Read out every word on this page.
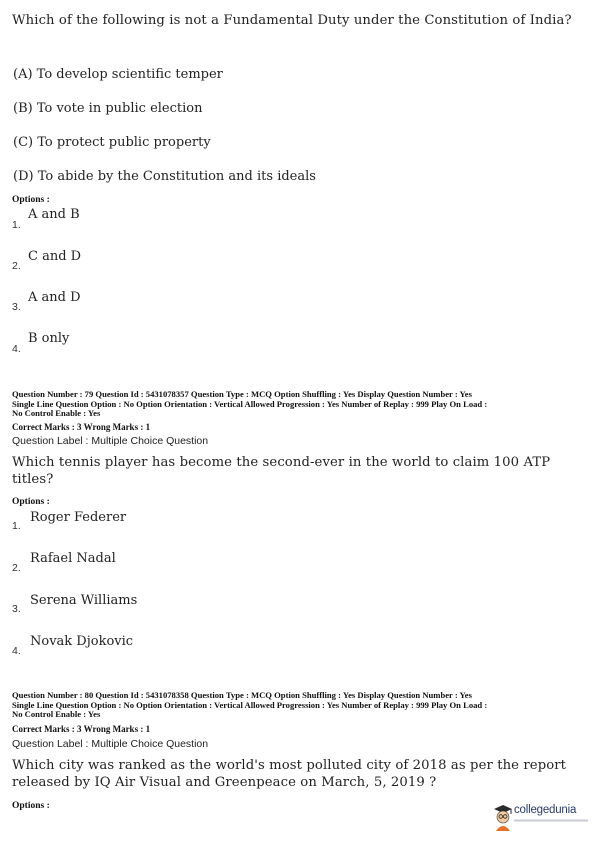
Which of the following is not a Fundamental Duty under the Constitution of India?
(A) To develop scientific temper
(B) To vote in public election
(C) To protect public property
(D) To abide by the Constitution and its ideals
Options :
1.
A and B
2.
C and D
3.
A and D
4.
B only
Question Number : 79 Question Id : 5431078357 Question Type : MCQ Option Shuffling : Yes Display Question Number : Yes
Single Line Question Option : No Option Orientation : Vertical Allowed Progression : Yes Number of Replay : 999 Play On Load :
No Control Enable : Yes
Correct Marks : 3 Wrong Marks : 1
Question Label : Multiple Choice Question
Which tennis player has become the second-ever in the world to claim 100 ATP titles?
Options :
1.
Roger Federer
2.
Rafael Nadal
3.
Serena Williams
4.
Novak Djokovic
Question Number : 80 Question Id : 5431078358 Question Type : MCQ Option Shuffling : Yes Display Question Number : Yes
Single Line Question Option : No Option Orientation : Vertical Allowed Progression : Yes Number of Replay : 999 Play On Load :
No Control Enable : Yes
Correct Marks : 3 Wrong Marks : 1
Question Label : Multiple Choice Question
Which city was ranked as the world's most polluted city of 2018 as per the report released by IQ Air Visual and Greenpeace on March, 5, 2019 ?
Options :	collegedunia
